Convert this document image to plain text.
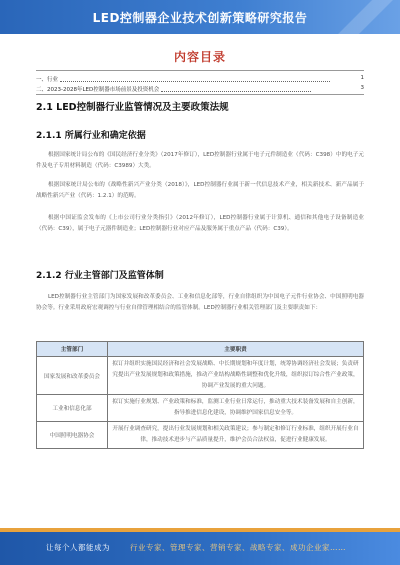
LED控制器企业技术创新策略研究报告
内容目录
一、行业	1
二、2023-2028年LED控制器市场前景及投资机会	3
2.1 LED控制器行业监管情况及主要政策法规
2.1.1 所属行业和确定依据
根据国家统计局公布的《国民经济行业分类》（2017年修订），LED控制器行业属于电子元件制造业（代码：C398）中的电子元件及电子专用材料制造（代码：C3989）大类。
根据国家统计局公布的《战略性新兴产业分类（2018）》，LED控制器行业属于新一代信息技术产业，相关新技术、新产品属于战略性新兴产业（代码：1.2.1）的范畴。
根据中国证监会发布的《上市公司行业分类指引》（2012年修订），LED控制器行业属于计算机、通信和其他电子设备制造业（代码：C39），属于电子元器件制造业；LED控制器行业对应产品及服务属于重点产品（代码：C39）。
2.1.2 行业主管部门及监管体制
LED控制器行业主管部门为国家发展和改革委员会、工业和信息化部等，行业自律组织为中国电子元件行业协会、中国照明电器协会等。行业采用政府宏观调控与行业自律管理相结合的监管体制。LED控制器行业相关管理部门及主要职责如下：
主管部门	主要职责
国家发展和改革委员会	拟订并组织实施国民经济和社会发展战略、中长期规划和年度计划，统筹协调经济社会发展；负责研究提出产业发展规划和政策措施，推动产业结构战略性调整和优化升级，组织拟订综合性产业政策，协调产业发展的重大问题。
工业和信息化部	拟订实施行业规划、产业政策和标准，监测工业行业日常运行，推动重大技术装备发展和自主创新，指导推进信息化建设，协调维护国家信息安全等。
中国照明电器协会	开展行业调查研究，提出行业发展规划和相关政策建议；参与制定和修订行业标准，组织开展行业自律，推动技术进步与产品质量提升，维护会员合法权益，促进行业健康发展。
让每个人都能成为	行业专家、管理专家、营销专家、战略专家、成功企业家……
